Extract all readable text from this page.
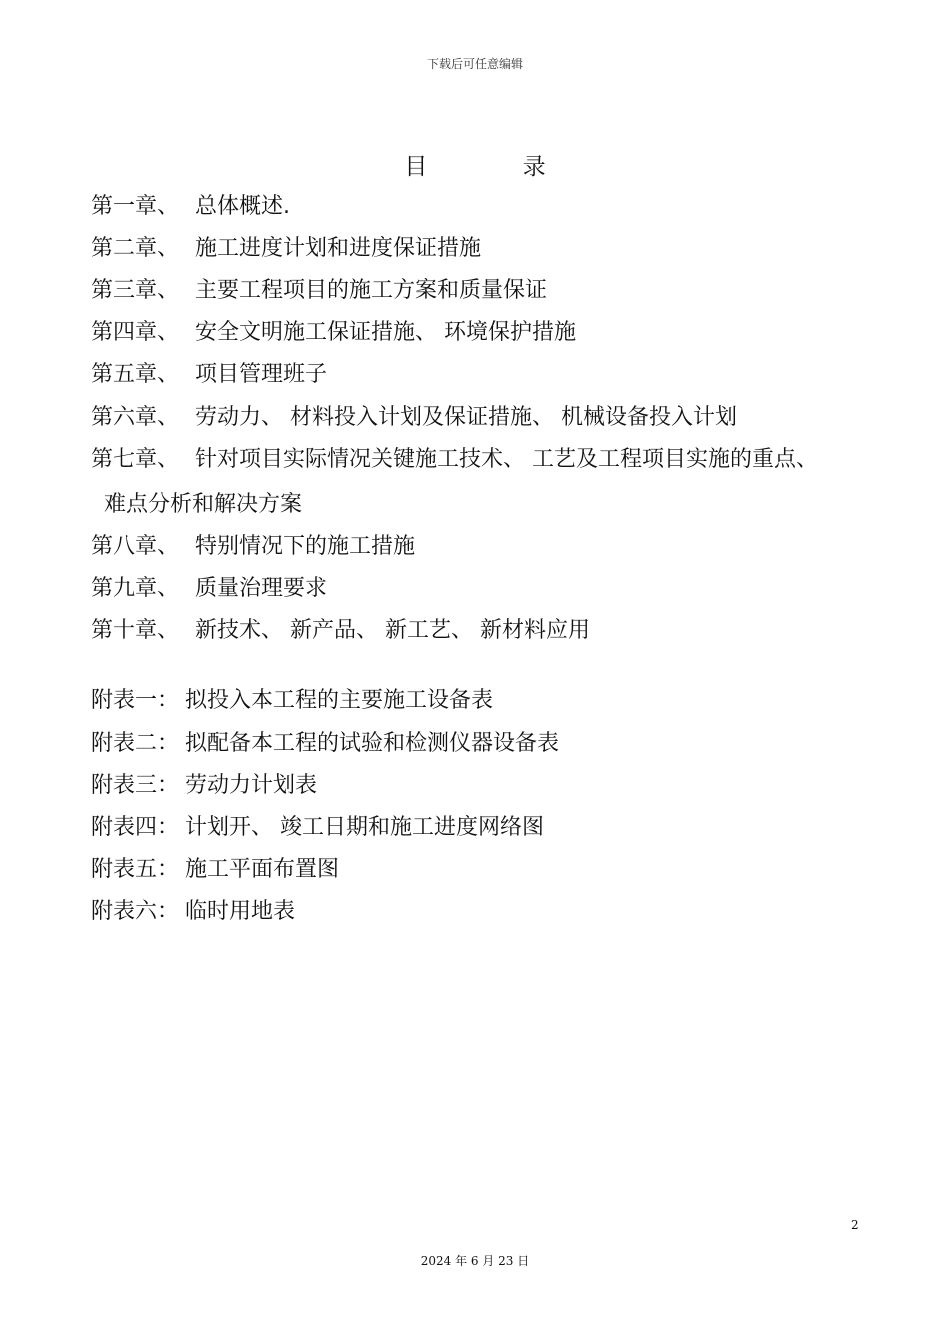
下载后可任意编辑
目 录
第一章、 总体概述.
第二章、 施工进度计划和进度保证措施
第三章、 主要工程项目的施工方案和质量保证
第四章、 安全文明施工保证措施、 环境保护措施
第五章、 项目管理班子
第六章、 劳动力、 材料投入计划及保证措施、 机械设备投入计划
第七章、 针对项目实际情况关键施工技术、 工艺及工程项目实施的重点、
难点分析和解决方案
第八章、 特别情况下的施工措施
第九章、 质量治理要求
第十章、 新技术、 新产品、 新工艺、 新材料应用
附表一： 拟投入本工程的主要施工设备表
附表二： 拟配备本工程的试验和检测仪器设备表
附表三： 劳动力计划表
附表四： 计划开、 竣工日期和施工进度网络图
附表五： 施工平面布置图
附表六： 临时用地表
2
2024 年 6 月 23 日
